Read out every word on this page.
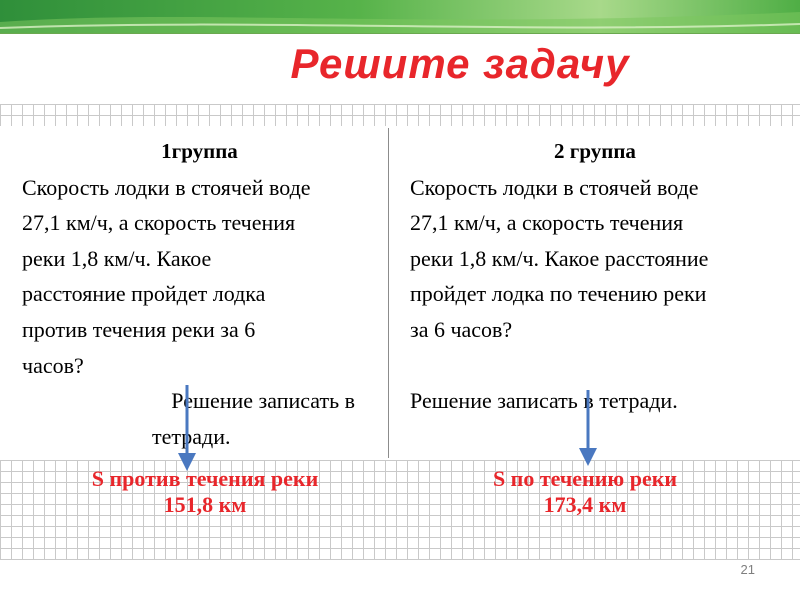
Решите задачу
1группа
Скорость лодки в стоячей воде
27,1 км/ч, а скорость течения
реки 1,8 км/ч. Какое
расстояние пройдет лодка
против течения реки за 6
часов?
Решение записать в
тетради.
2 группа
Скорость лодки в стоячей воде
27,1 км/ч, а скорость течения
реки 1,8 км/ч. Какое расстояние
пройдет лодка по течению реки
за 6 часов?

Решение записать в тетради.
S против течения реки
151,8 км
S по течению реки
173,4 км
21
